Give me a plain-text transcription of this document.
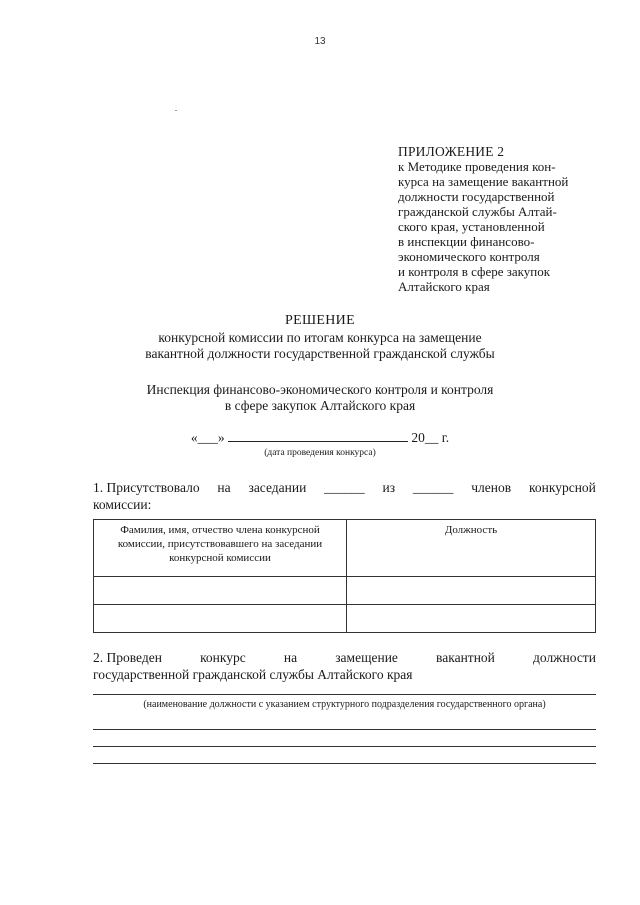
13
ПРИЛОЖЕНИЕ 2
к Методике проведения кон-
курса на замещение вакантной
должности государственной
гражданской службы Алтай-
ского края, установленной
в инспекции финансово-
экономического контроля
и контроля в сфере закупок
Алтайского края
РЕШЕНИЕ
конкурсной комиссии по итогам конкурса на замещение
вакантной должности государственной гражданской службы
Инспекция финансово-экономического контроля и контроля
в сфере закупок Алтайского края
«___»	20__ г.
(дата проведения конкурса)
1. Присутствовало на заседании ______ из ______ членов конкурсной
комиссии:
Фамилия, имя, отчество члена конкурсной комиссии, присутствовавшего на заседании конкурсной комиссии	Должность

2. Проведен	конкурс	на	замещение	вакантной	должности
государственной гражданской службы Алтайского края
(наименование должности с указанием структурного подразделения государственного органа)
